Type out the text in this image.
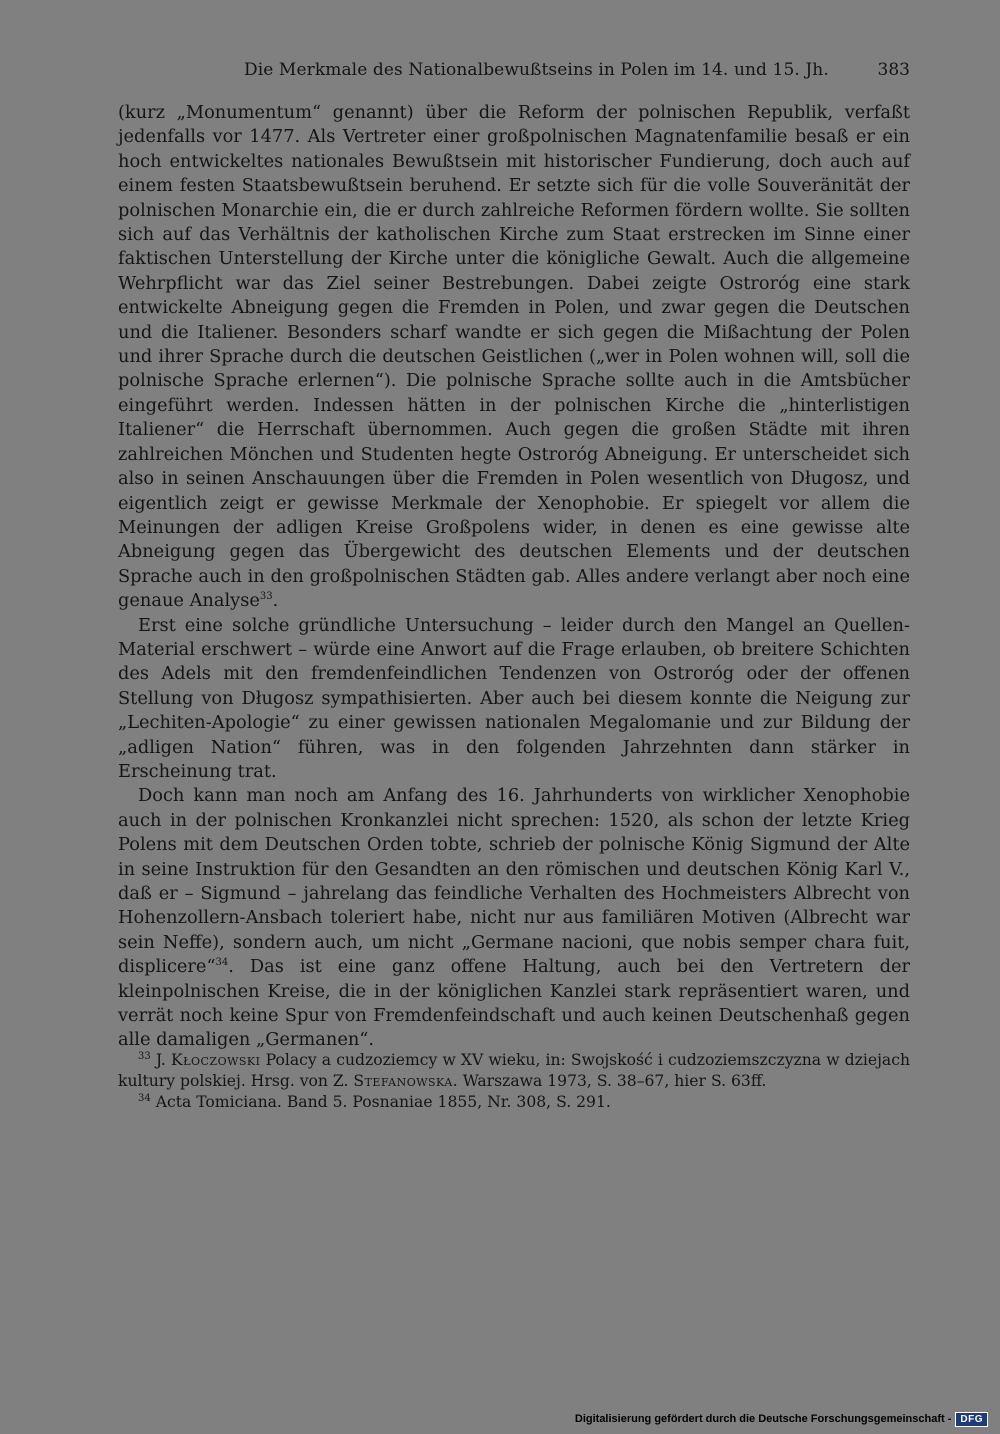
Die Merkmale des Nationalbewußtseins in Polen im 14. und 15. Jh.	383

(kurz „Monumentum“ genannt) über die Reform der polnischen Republik, verfaßt jedenfalls vor 1477. Als Vertreter einer großpolnischen Magnatenfamilie besaß er ein hoch entwickeltes nationales Bewußtsein mit historischer Fundierung, doch auch auf einem festen Staatsbewußtsein beruhend. Er setzte sich für die volle Souveränität der polnischen Monarchie ein, die er durch zahlreiche Reformen fördern wollte. Sie sollten sich auf das Verhältnis der katholischen Kirche zum Staat erstrecken im Sinne einer faktischen Unterstellung der Kirche unter die königliche Gewalt. Auch die allgemeine Wehrpflicht war das Ziel seiner Bestrebungen. Dabei zeigte Ostroróg eine stark entwickelte Abneigung gegen die Fremden in Polen, und zwar gegen die Deutschen und die Italiener. Besonders scharf wandte er sich gegen die Mißachtung der Polen und ihrer Sprache durch die deutschen Geistlichen („wer in Polen wohnen will, soll die polnische Sprache erlernen“). Die polnische Sprache sollte auch in die Amtsbücher eingeführt werden. Indessen hätten in der polnischen Kirche die „hinterlistigen Italiener“ die Herrschaft übernommen. Auch gegen die großen Städte mit ihren zahlreichen Mönchen und Studenten hegte Ostroróg Abneigung. Er unterscheidet sich also in seinen Anschauungen über die Fremden in Polen wesentlich von Długosz, und eigentlich zeigt er gewisse Merkmale der Xenophobie. Er spiegelt vor allem die Meinungen der adligen Kreise Großpolens wider, in denen es eine gewisse alte Abneigung gegen das Übergewicht des deutschen Elements und der deutschen Sprache auch in den großpolnischen Städten gab. Alles andere verlangt aber noch eine genaue Analyse$^{33}$.

Erst eine solche gründliche Untersuchung – leider durch den Mangel an Quellen-Material erschwert – würde eine Anwort auf die Frage erlauben, ob breitere Schichten des Adels mit den fremdenfeindlichen Tendenzen von Ostroróg oder der offenen Stellung von Długosz sympathisierten. Aber auch bei diesem konnte die Neigung zur „Lechiten-Apologie“ zu einer gewissen nationalen Megalomanie und zur Bildung der „adligen Nation“ führen, was in den folgenden Jahrzehnten dann stärker in Erscheinung trat.

Doch kann man noch am Anfang des 16. Jahrhunderts von wirklicher Xenophobie auch in der polnischen Kronkanzlei nicht sprechen: 1520, als schon der letzte Krieg Polens mit dem Deutschen Orden tobte, schrieb der polnische König Sigmund der Alte in seine Instruktion für den Gesandten an den römischen und deutschen König Karl V., daß er – Sigmund – jahrelang das feindliche Verhalten des Hochmeisters Albrecht von Hohenzollern-Ansbach toleriert habe, nicht nur aus familiären Motiven (Albrecht war sein Neffe), sondern auch, um nicht „Germane nacioni, que nobis semper chara fuit, displicere“$^{34}$. Das ist eine ganz offene Haltung, auch bei den Vertretern der kleinpolnischen Kreise, die in der königlichen Kanzlei stark repräsentiert waren, und verrät noch keine Spur von Fremdenfeindschaft und auch keinen Deutschenhaß gegen alle damaligen „Germanen“.

$^{33}$ J. Kłoczowski Polacy a cudzoziemcy w XV wieku, in: Swojskość i cudzoziemszczyzna w dziejach kultury polskiej. Hrsg. von Z. Stefanowska. Warszawa 1973, S. 38–67, hier S. 63ff.

$^{34}$ Acta Tomiciana. Band 5. Posnaniae 1855, Nr. 308, S. 291.

Digitalisierung gefördert durch die Deutsche Forschungsgemeinschaft - DFG
